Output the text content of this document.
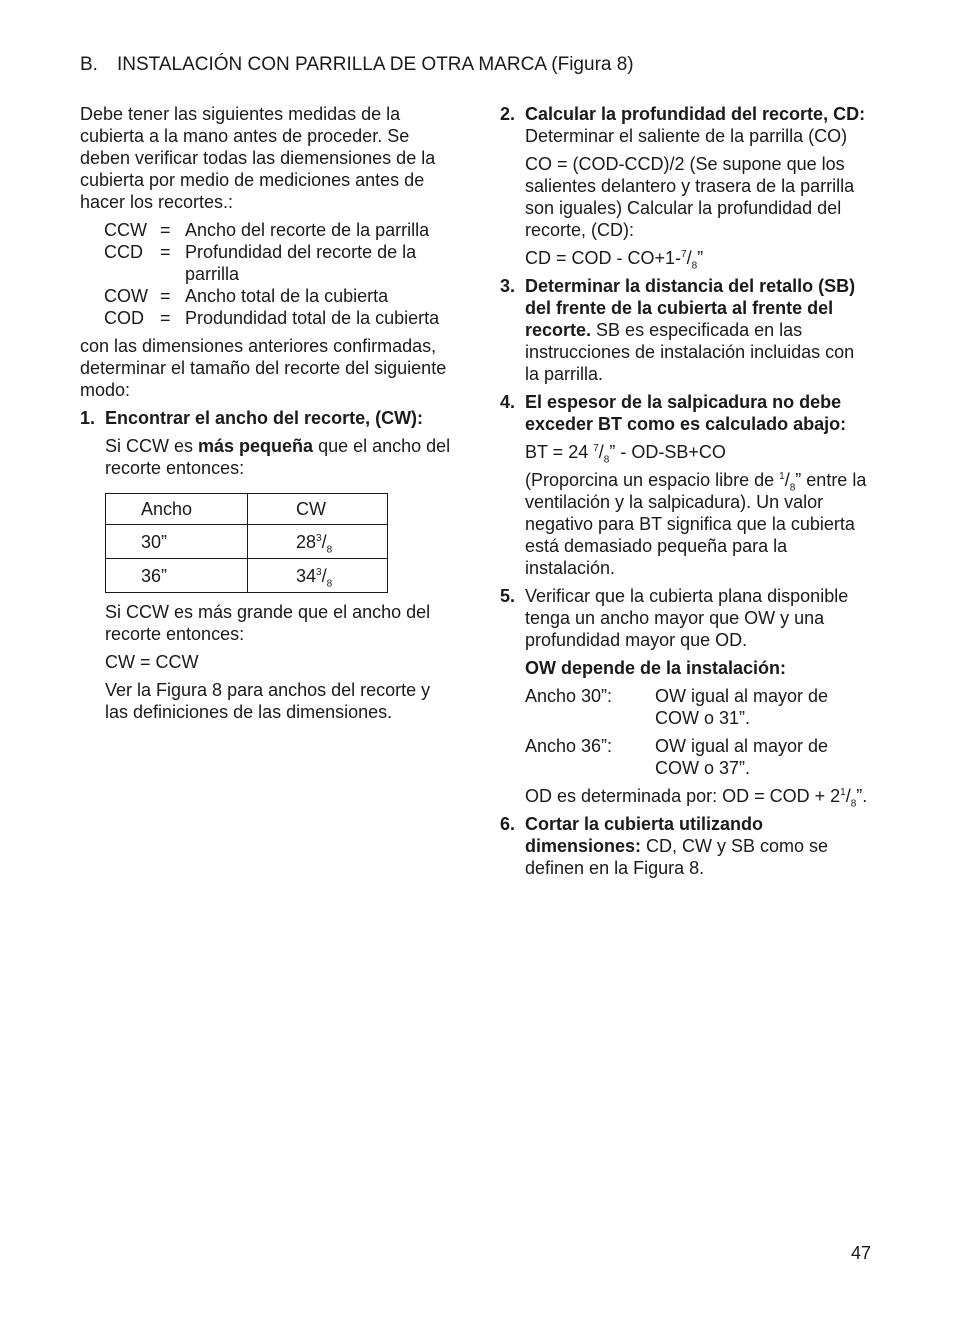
B. INSTALACIÓN CON PARRILLA DE OTRA MARCA (Figura 8)

Debe tener las siguientes medidas de la cubierta a la mano antes de proceder. Se deben verificar todas las diemensiones de la cubierta por medio de mediciones antes de hacer los recortes.:

CCW = Ancho del recorte de la parrilla
CCD = Profundidad del recorte de la parrilla
COW = Ancho total de la cubierta
COD = Produndidad total de la cubierta

con las dimensiones anteriores confirmadas, determinar el tamaño del recorte del siguiente modo:

1. Encontrar el ancho del recorte, (CW):

Si CCW es más pequeña que el ancho del recorte entonces:

Ancho	CW
30”	$28^3/_8$
36”	$34^3/_8$

Si CCW es más grande que el ancho del recorte entonces:

CW = CCW

Ver la Figura 8 para anchos del recorte y las definiciones de las dimensiones.

2. Calcular la profundidad del recorte, CD:

Determinar el saliente de la parrilla (CO)

CO = (COD-CCD)/2 (Se supone que los salientes delantero y trasera de la parrilla son iguales) Calcular la profundidad del recorte, (CD):

CD = COD - $CO+1-^7/_8$”

3. Determinar la distancia del retallo (SB) del frente de la cubierta al frente del recorte. SB es especificada en las instrucciones de instalación incluidas con la parrilla.

4. El espesor de la salpicadura no debe exceder BT como es calculado abajo:

BT = 24 $^7/_8$” - OD-SB+CO

(Proporcina un espacio libre de $^1/_8$” entre la ventilación y la salpicadura). Un valor negativo para BT significa que la cubierta está demasiado pequeña para la instalación.

5. Verificar que la cubierta plana disponible tenga un ancho mayor que OW y una profundidad mayor que OD.

OW depende de la instalación:

Ancho 30”:	OW igual al mayor de COW o 31”.
Ancho 36”:	OW igual al mayor de COW o 37”.

OD es determinada por: OD = COD + $2^1/_8$”.

6. Cortar la cubierta utilizando dimensiones: CD, CW y SB como se definen en la Figura 8.

47
